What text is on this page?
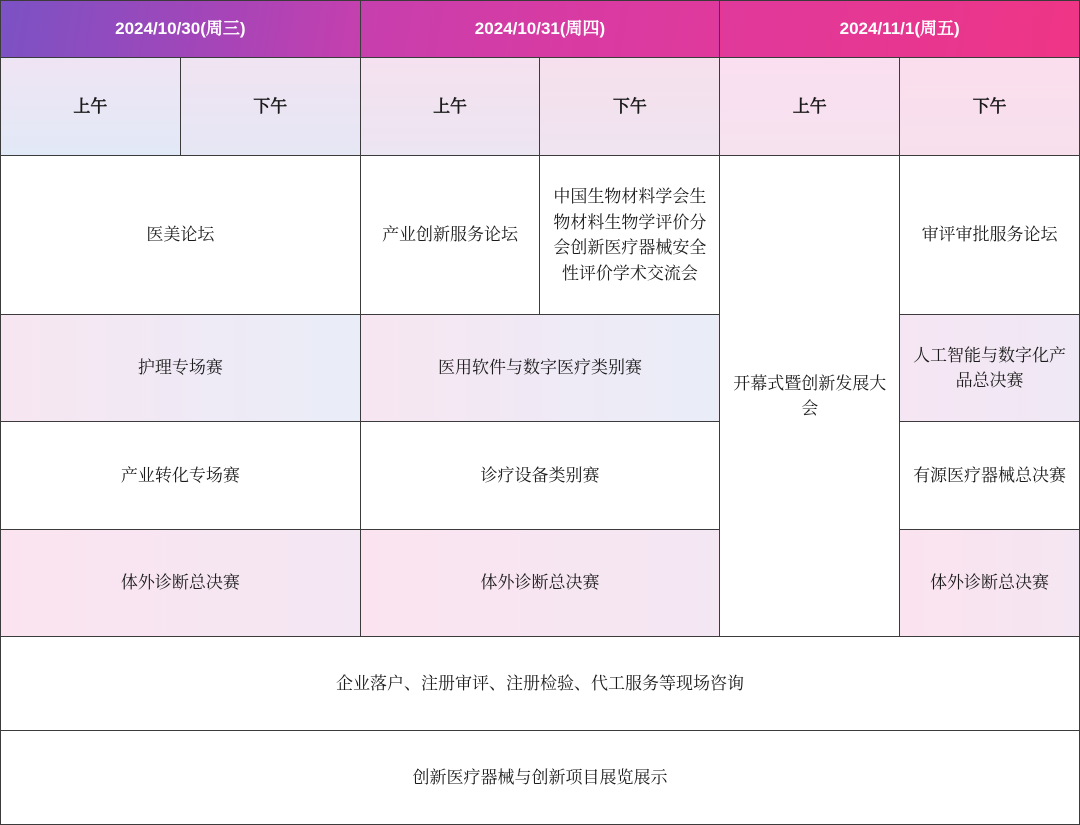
2024/10/30(周三)		2024/10/31(周四)		2024/11/1(周五)	
上午	下午	上午	下午	上午	下午
医美论坛		产业创新服务论坛	中国生物材料学会生物材料生物学评价分会创新医疗器械安全性评价学术交流会	开幕式暨创新发展大会	审评审批服务论坛
护理专场赛		医用软件与数字医疗类别赛			人工智能与数字化产品总决赛
产业转化专场赛		诊疗设备类别赛			有源医疗器械总决赛
体外诊断总决赛		体外诊断总决赛			体外诊断总决赛
企业落户、注册审评、注册检验、代工服务等现场咨询					
创新医疗器械与创新项目展览展示					
